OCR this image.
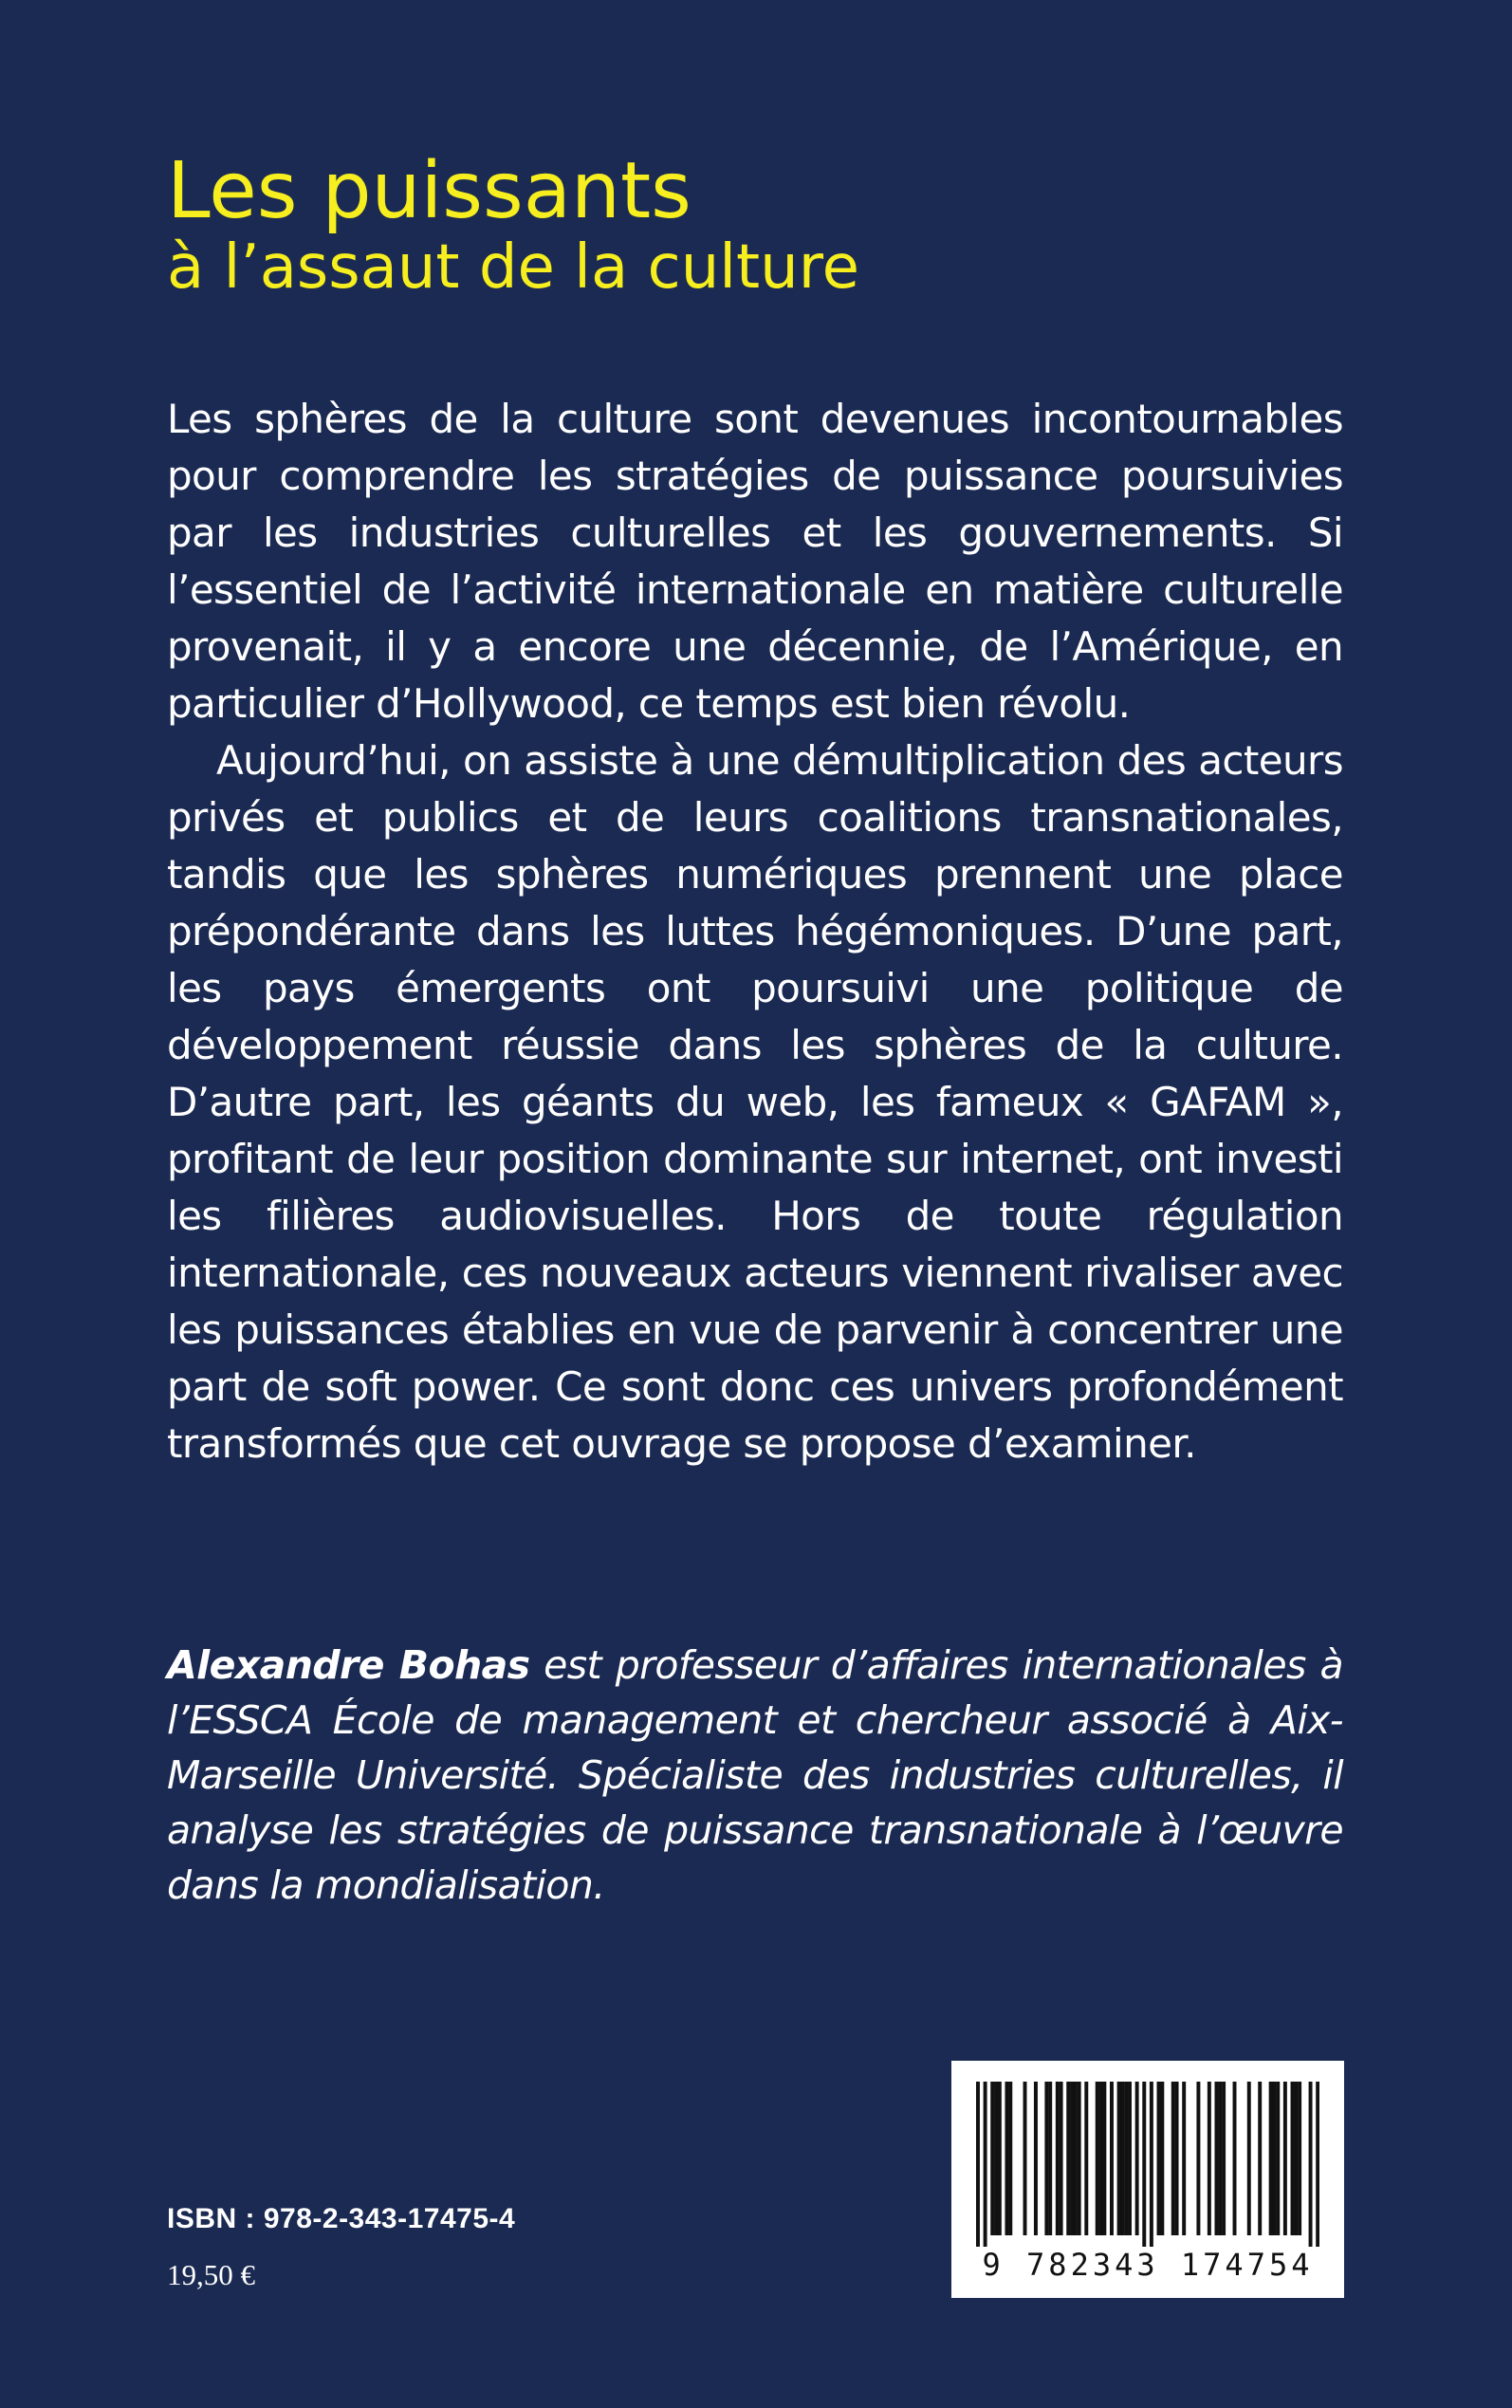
Les puissants
à l’assaut de la culture

Les sphères de la culture sont devenues incontournables pour comprendre les stratégies de puissance poursuivies par les industries culturelles et les gouvernements. Si l’essentiel de l’activité internationale en matière culturelle provenait, il y a encore une décennie, de l’Amérique, en particulier d’Hollywood, ce temps est bien révolu.

Aujourd’hui, on assiste à une démultiplication des acteurs privés et publics et de leurs coalitions transnationales, tandis que les sphères numériques prennent une place prépondérante dans les luttes hégémoniques. D’une part, les pays émergents ont poursuivi une politique de développement réussie dans les sphères de la culture. D’autre part, les géants du web, les fameux « GAFAM », profitant de leur position dominante sur internet, ont investi les filières audiovisuelles. Hors de toute régulation internationale, ces nouveaux acteurs viennent rivaliser avec les puissances établies en vue de parvenir à concentrer une part de soft power. Ce sont donc ces univers profondément transformés que cet ouvrage se propose d’examiner.

Alexandre Bohas est professeur d’affaires internationales à l’ESSCA École de management et chercheur associé à Aix-Marseille Université. Spécialiste des industries culturelles, il analyse les stratégies de puissance transnationale à l’œuvre dans la mondialisation.
9 782343 174754
ISBN : 978-2-343-17475-4
19,50 €
